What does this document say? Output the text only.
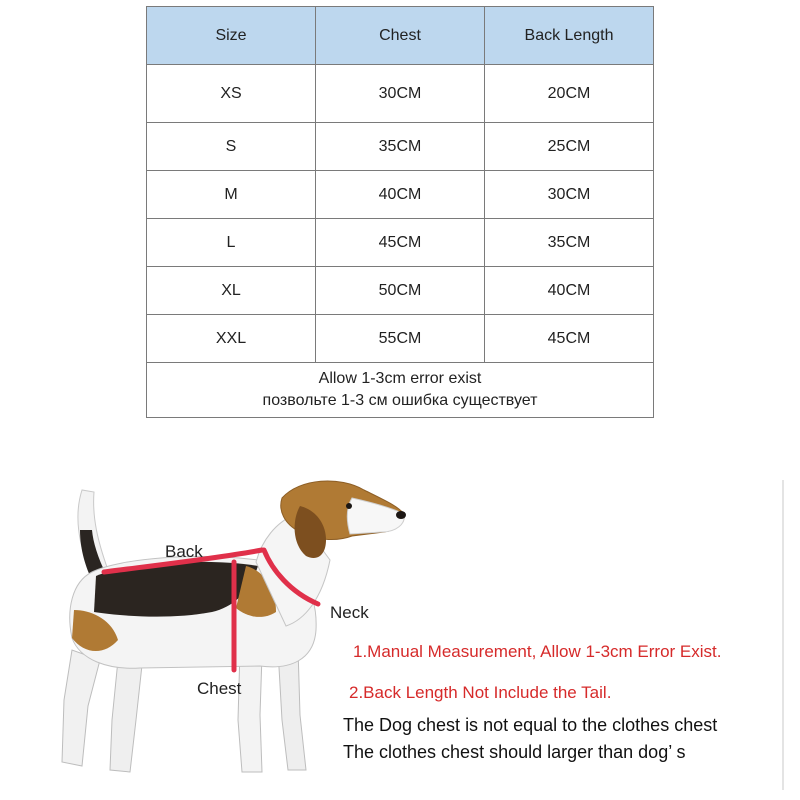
Size	Chest	Back Length
XS	30CM	20CM
S	35CM	25CM
M	40CM	30CM
L	45CM	35CM
XL	50CM	40CM
XXL	55CM	45CM

Allow 1-3cm error exist
позвольте 1-3 см ошибка существует		
Back
Neck
Chest
1.Manual Measurement, Allow 1-3cm Error Exist.
2.Back Length Not Include the Tail.
The Dog chest is not equal to the clothes chest
The clothes chest should larger than dog’ s
